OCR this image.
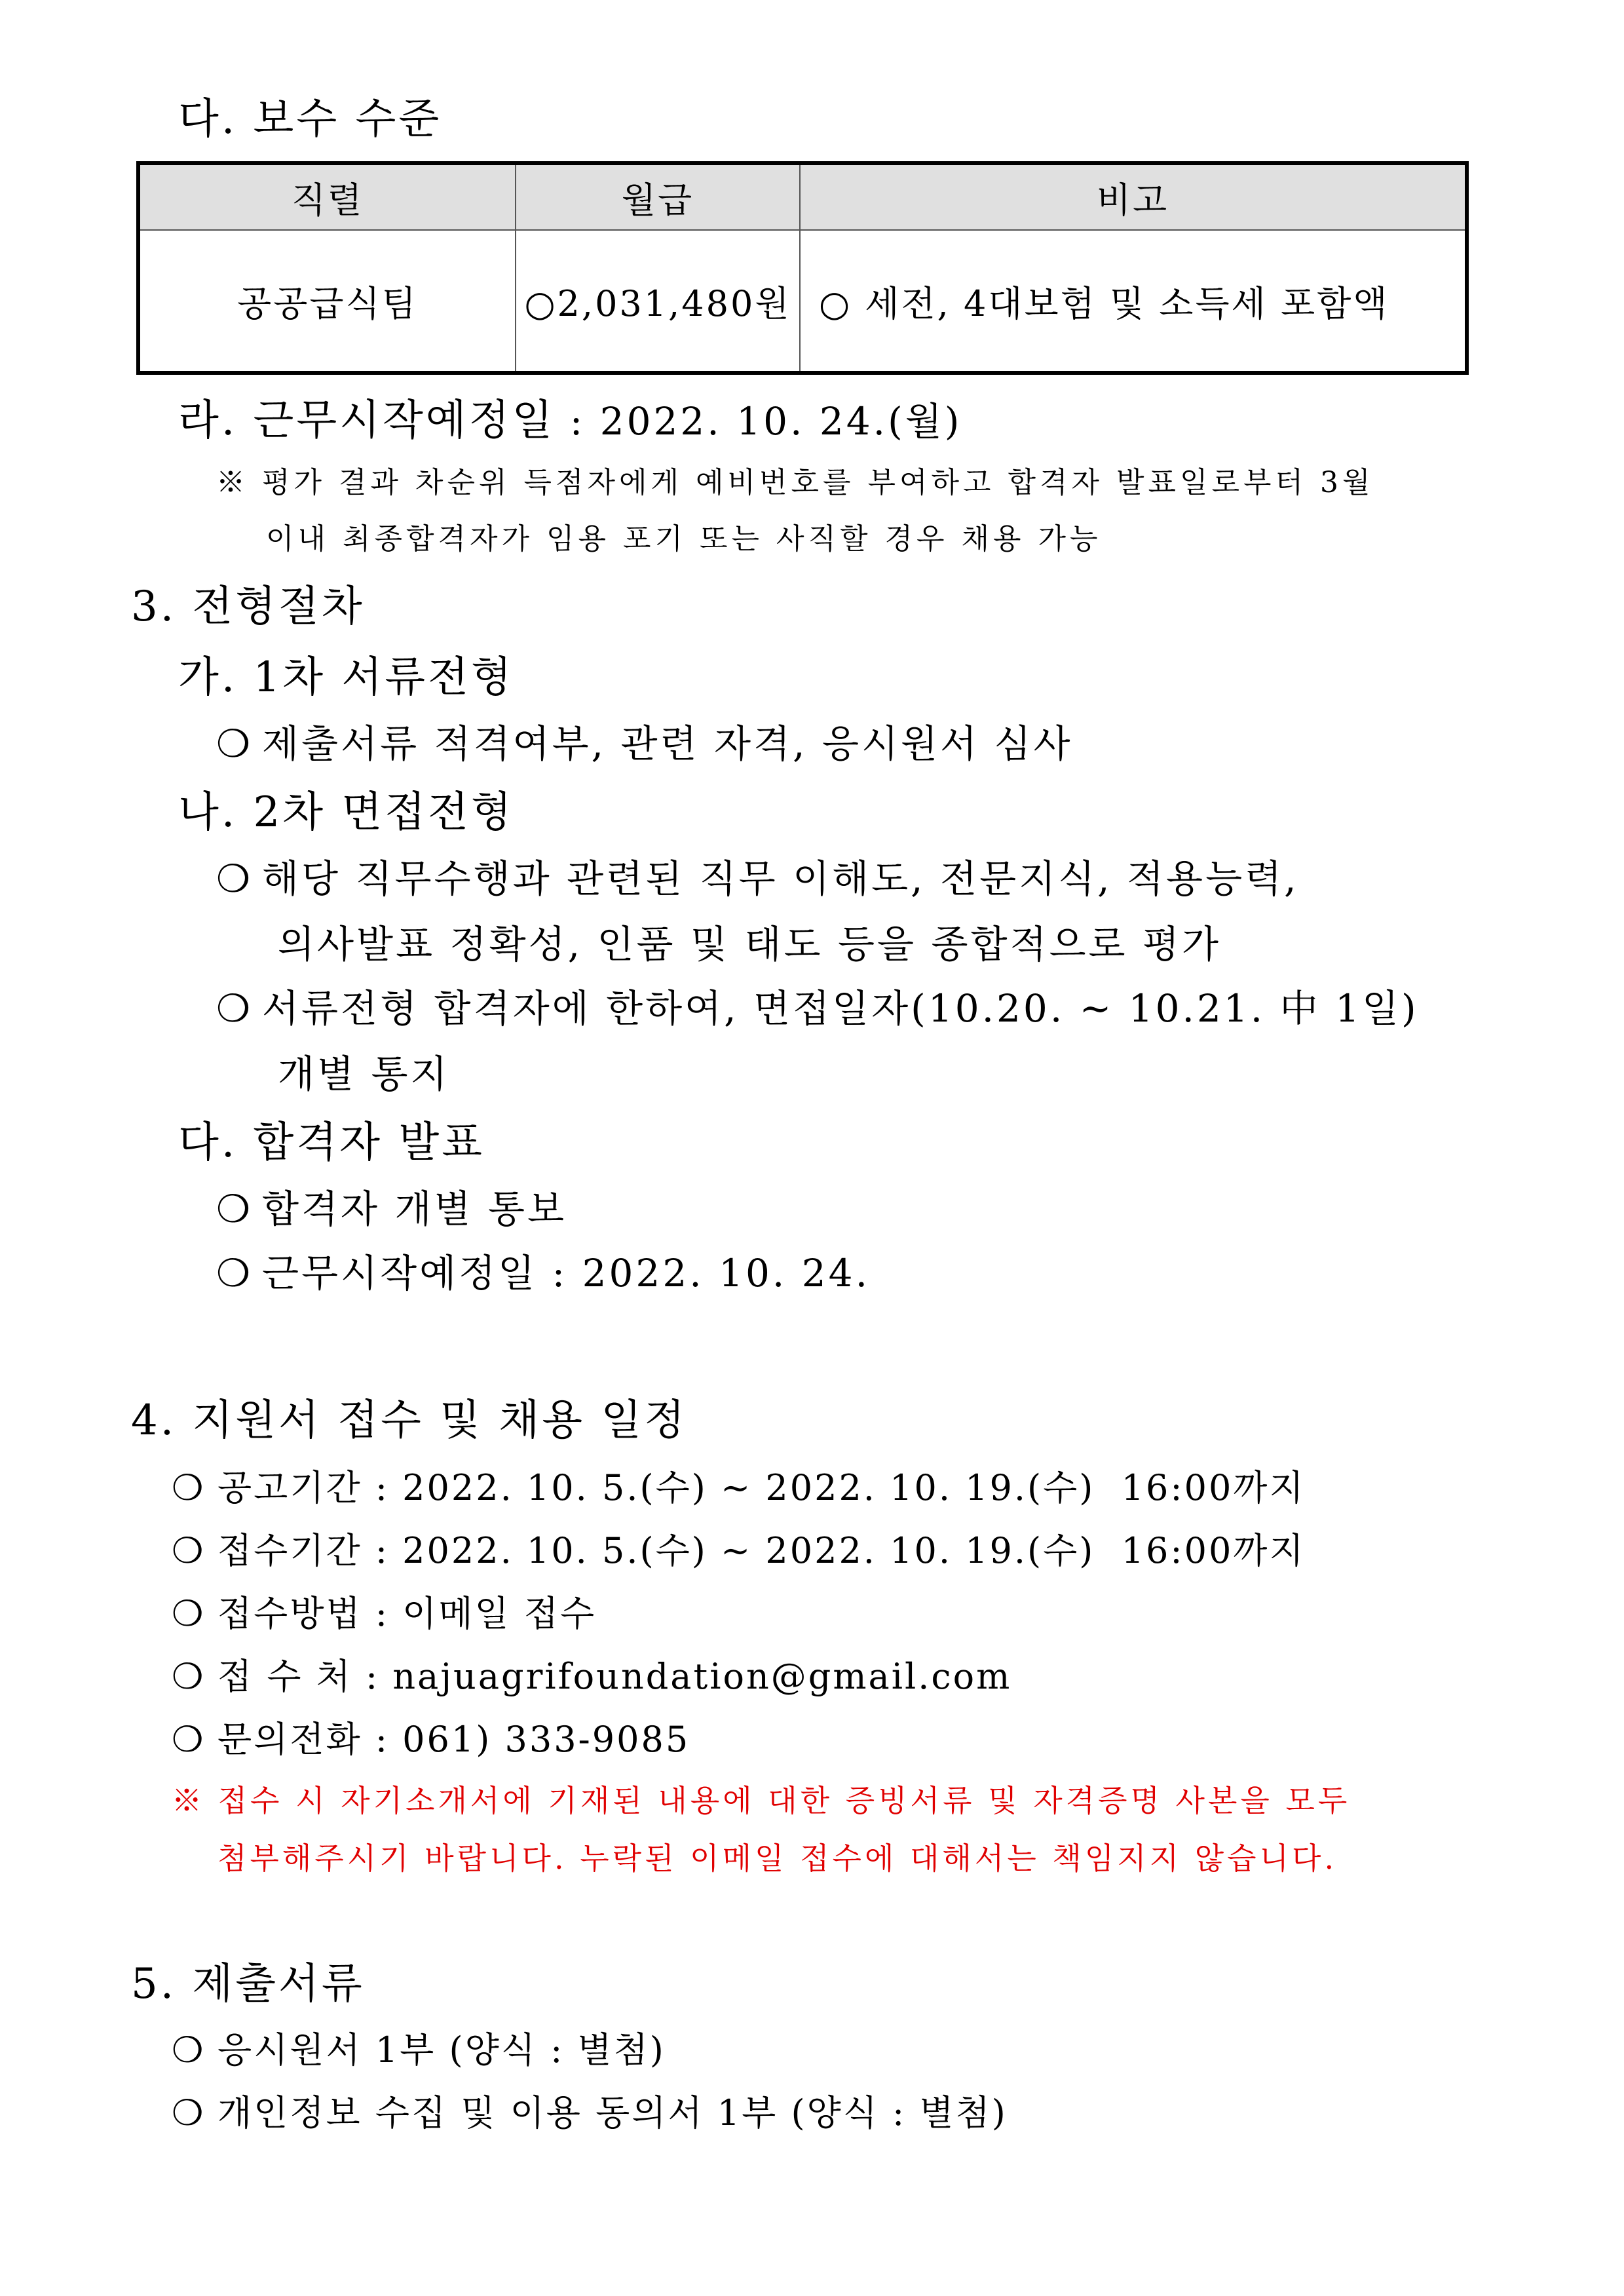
다. 보수 수준
직렬	월급	비고
공공급식팀	○2,031,480원	○ 세전, 4대보험 및 소득세 포함액
라. 근무시작예정일 : 2022. 10. 24.(월)
※ 평가 결과 차순위 득점자에게 예비번호를 부여하고 합격자 발표일로부터 3월
이내 최종합격자가 임용 포기 또는 사직할 경우 채용 가능
3. 전형절차
가. 1차 서류전형
❍ 제출서류 적격여부, 관련 자격, 응시원서 심사
나. 2차 면접전형
❍ 해당 직무수행과 관련된 직무 이해도, 전문지식, 적용능력,
의사발표 정확성, 인품 및 태도 등을 종합적으로 평가
❍ 서류전형 합격자에 한하여, 면접일자(10.20. ~ 10.21. 中 1일)
개별 통지
다. 합격자 발표
❍ 합격자 개별 통보
❍ 근무시작예정일 : 2022. 10. 24.
4. 지원서 접수 및 채용 일정
❍ 공고기간 : 2022. 10. 5.(수) ∼ 2022. 10. 19.(수)  16:00까지
❍ 접수기간 : 2022. 10. 5.(수) ∼ 2022. 10. 19.(수)  16:00까지
❍ 접수방법 : 이메일 접수
❍ 접 수 처 : najuagrifoundation@gmail.com
❍ 문의전화 : 061) 333-9085
※ 접수 시 자기소개서에 기재된 내용에 대한 증빙서류 및 자격증명 사본을 모두
첨부해주시기 바랍니다. 누락된 이메일 접수에 대해서는 책임지지 않습니다.
5. 제출서류
❍ 응시원서 1부 (양식 : 별첨)
❍ 개인정보 수집 및 이용 동의서 1부 (양식 : 별첨)
